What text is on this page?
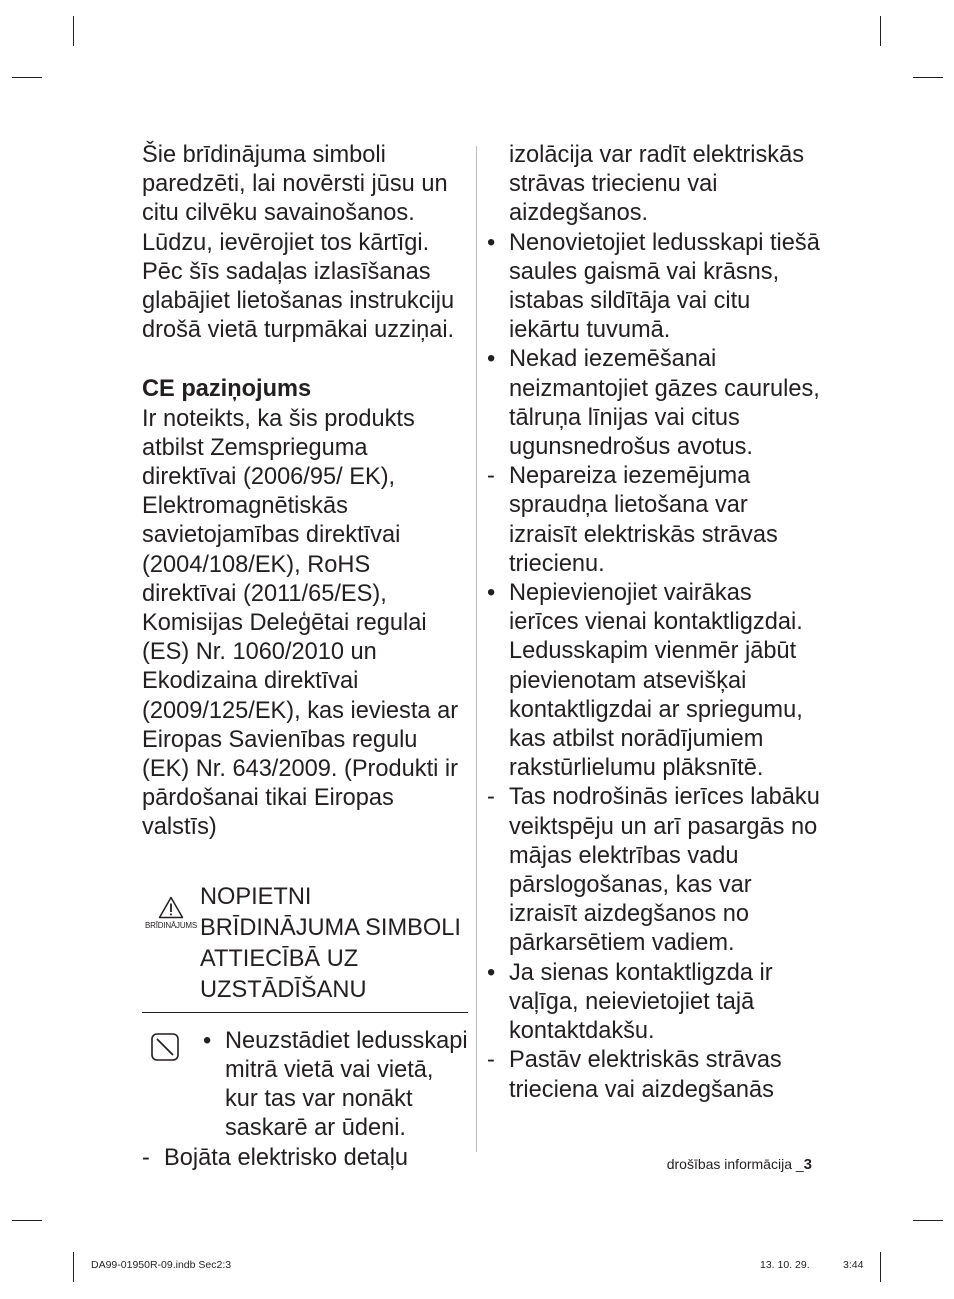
Šie brīdinājuma simboli paredzēti, lai novērsti jūsu un citu cilvēku savainošanos. Lūdzu, ievērojiet tos kārtīgi. Pēc šīs sadaļas izlasīšanas glabājiet lietošanas instrukciju drošā vietā turpmākai uzziņai.

CE paziņojums

Ir noteikts, ka šis produkts atbilst Zemsprieguma direktīvai (2006/95/ EK), Elektromagnētiskās savietojamības direktīvai (2004/108/EK), RoHS direktīvai (2011/65/ES), Komisijas Deleģētai regulai (ES) Nr. 1060/2010 un Ekodizaina direktīvai (2009/125/EK), kas ieviesta ar Eiropas Savienības regulu (EK) Nr. 643/2009. (Produkti ir pārdošanai tikai Eiropas valstīs)

BRĪDINĀJUMS
NOPIETNI BRĪDINĀJUMA SIMBOLI ATTIECĪBĀ UZ UZSTĀDĪŠANU
• Neuzstādiet ledusskapi mitrā vietā vai vietā, kur tas var nonākt saskarē ar ūdeni.
- Bojāta elektrisko detaļu
izolācija var radīt elektriskās strāvas triecienu vai aizdegšanos.
• Nenovietojiet ledusskapi tiešā saules gaismā vai krāsns, istabas sildītāja vai citu iekārtu tuvumā.
• Nekad iezemēšanai neizmantojiet gāzes caurules, tālruņa līnijas vai citus ugunsnedrošus avotus.
- Nepareiza iezemējuma spraudņa lietošana var izraisīt elektriskās strāvas triecienu.
• Nepievienojiet vairākas ierīces vienai kontaktligzdai. Ledusskapim vienmēr jābūt pievienotam atsevišķai kontaktligzdai ar spriegumu, kas atbilst norādījumiem rakstūrlielumu plāksnītē.
- Tas nodrošinās ierīces labāku veiktspēju un arī pasargās no mājas elektrības vadu pārslogošanas, kas var izraisīt aizdegšanos no pārkarsētiem vadiem.
• Ja sienas kontaktligzda ir vaļīga, neievietojiet tajā kontaktdakšu.
- Pastāv elektriskās strāvas trieciena vai aizdegšanās
drošības informācija _3
DA99-01950R-09.indb Sec2:3	13. 10. 29.	3:44
